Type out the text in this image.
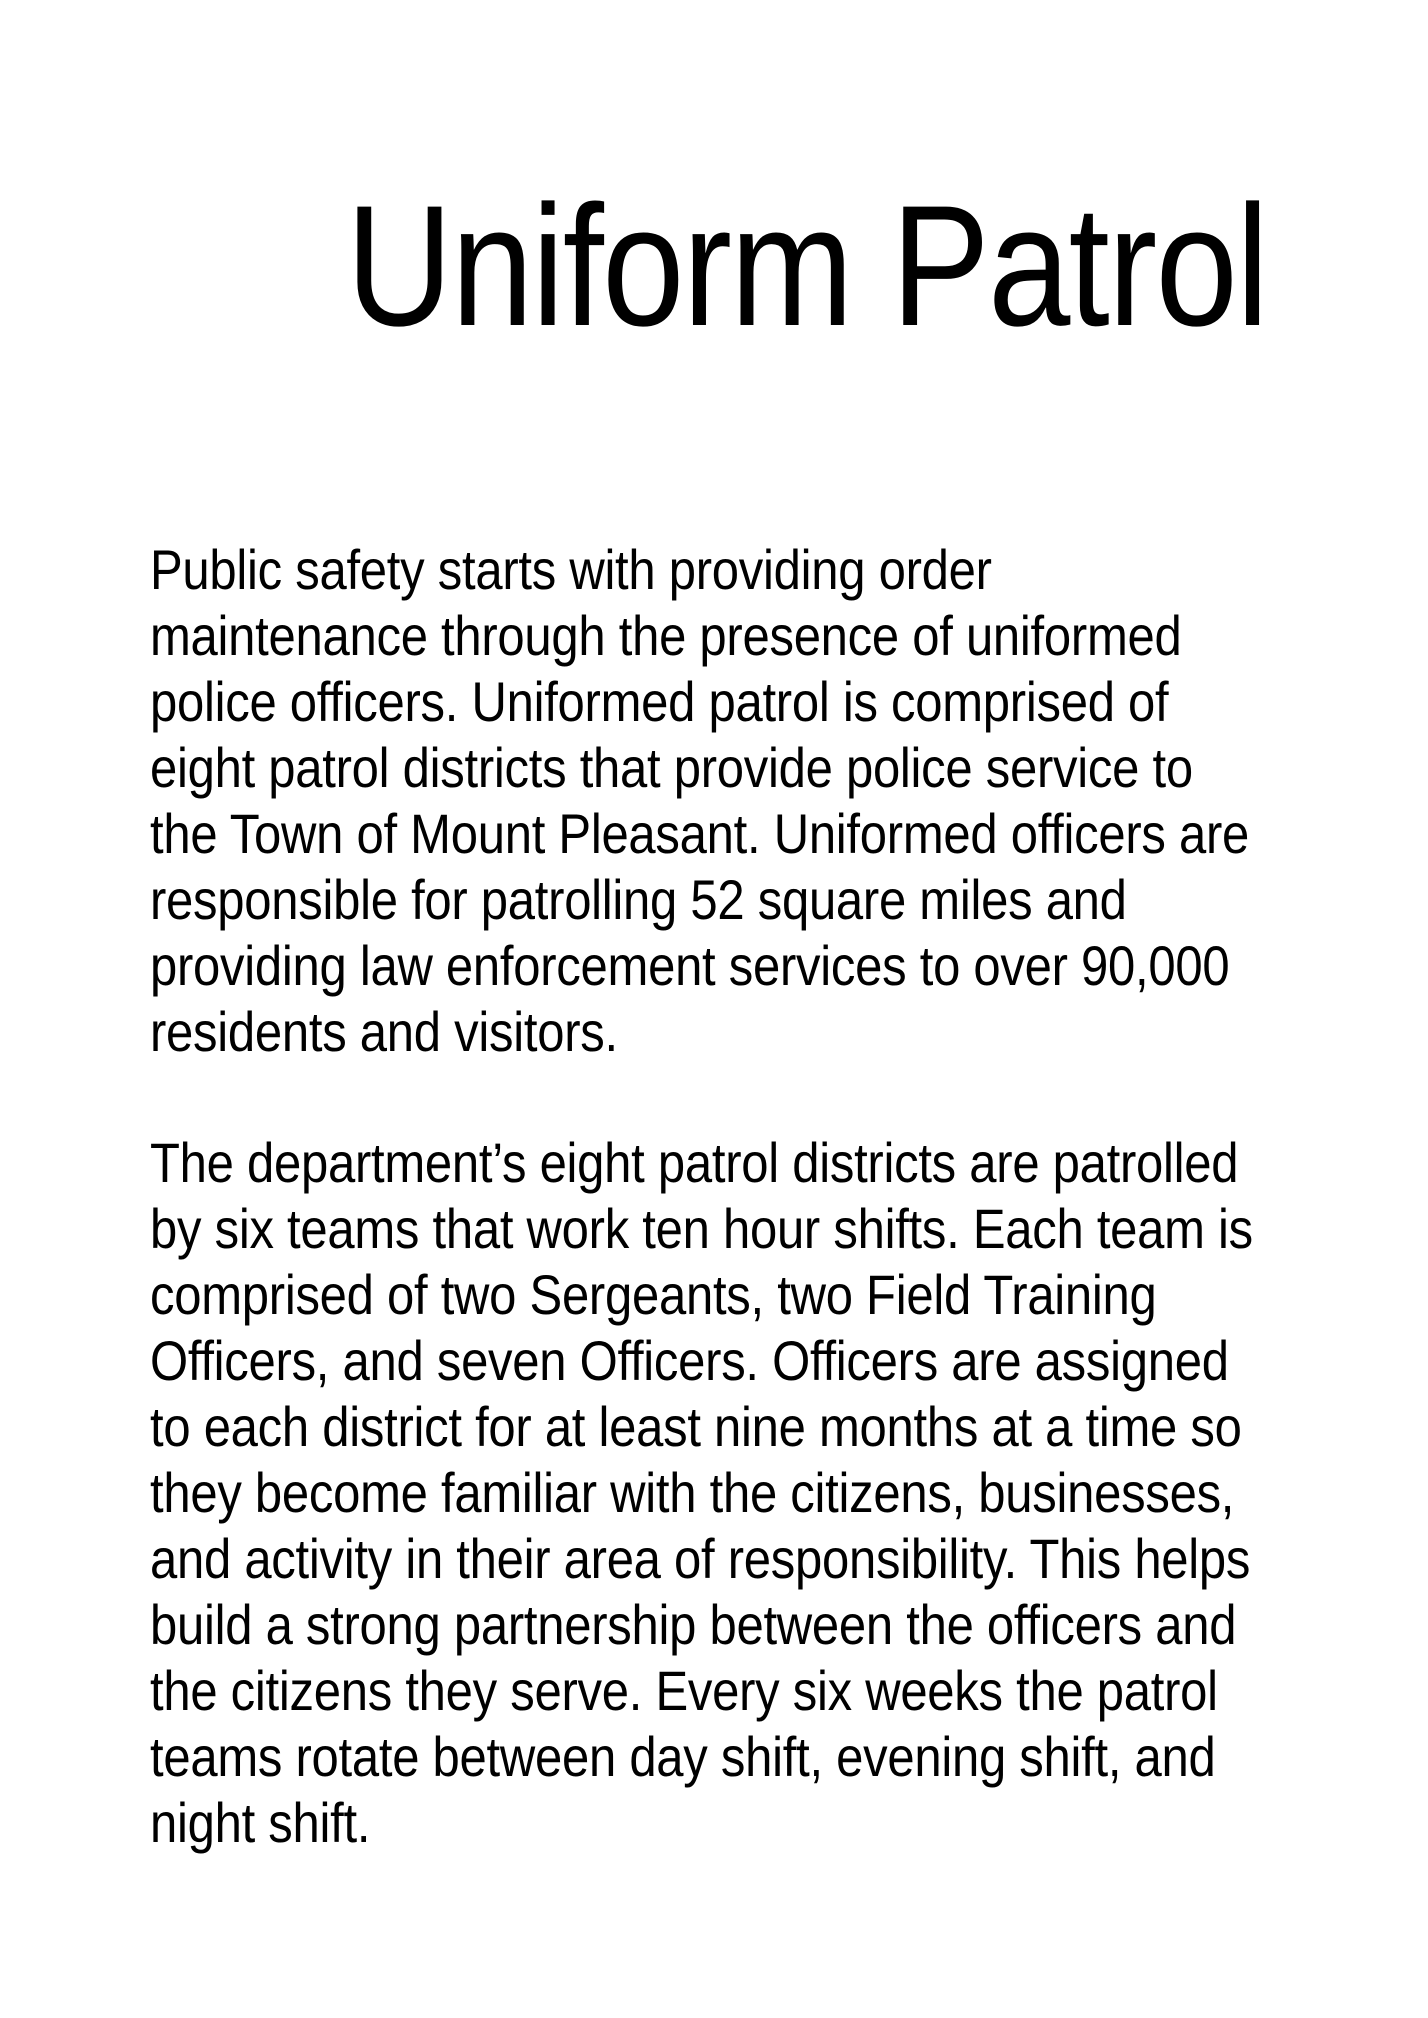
Uniform Patrol

Public safety starts with providing order
maintenance through the presence of uniformed
police officers. Uniformed patrol is comprised of
eight patrol districts that provide police service to
the Town of Mount Pleasant. Uniformed officers are
responsible for patrolling 52 square miles and
providing law enforcement services to over 90,000
residents and visitors.

The department’s eight patrol districts are patrolled
by six teams that work ten hour shifts. Each team is
comprised of two Sergeants, two Field Training
Officers, and seven Officers. Officers are assigned
to each district for at least nine months at a time so
they become familiar with the citizens, businesses,
and activity in their area of responsibility. This helps
build a strong partnership between the officers and
the citizens they serve. Every six weeks the patrol
teams rotate between day shift, evening shift, and
night shift.
